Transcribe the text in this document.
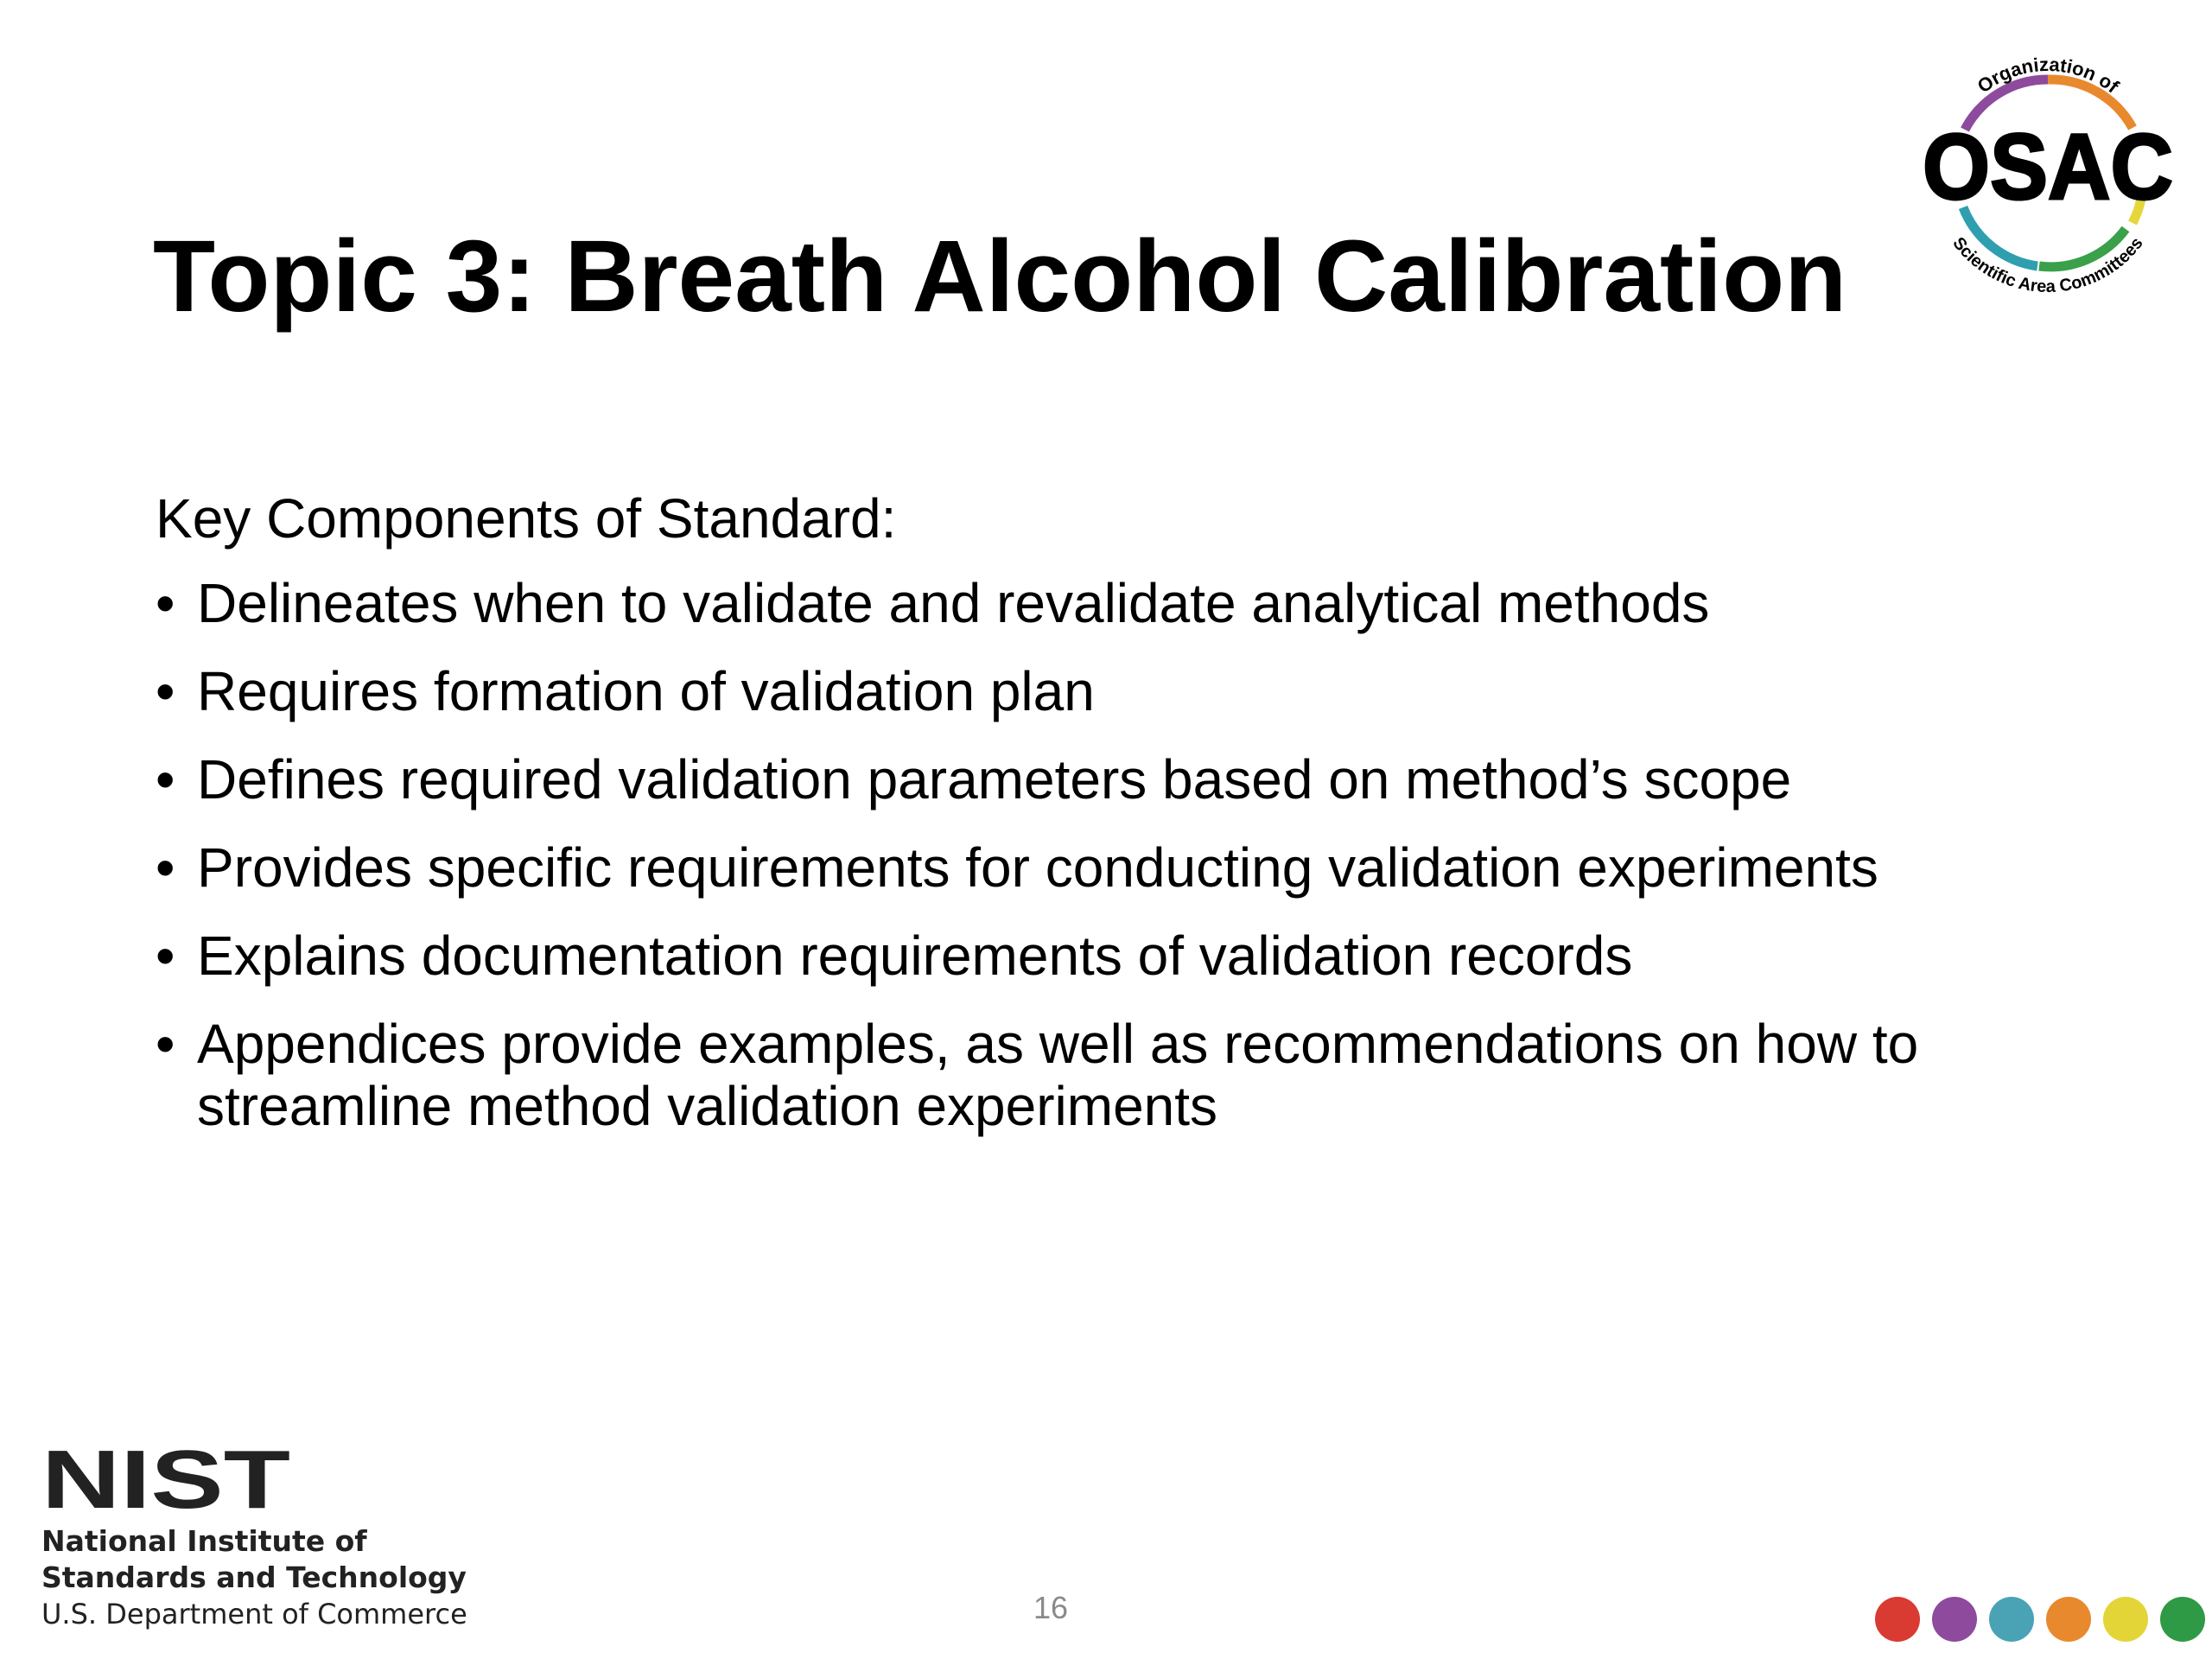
Topic 3: Breath Alcohol Calibration
Organization of
OSAC
Scientific Area Committees

Key Components of Standard:

• Delineates when to validate and revalidate analytical methods
• Requires formation of validation plan
• Defines required validation parameters based on method’s scope
• Provides specific requirements for conducting validation experiments
• Explains documentation requirements of validation records
• Appendices provide examples, as well as recommendations on how to streamline method validation experiments
NIST

National Institute of

Standards and Technology

U.S. Department of Commerce	16
